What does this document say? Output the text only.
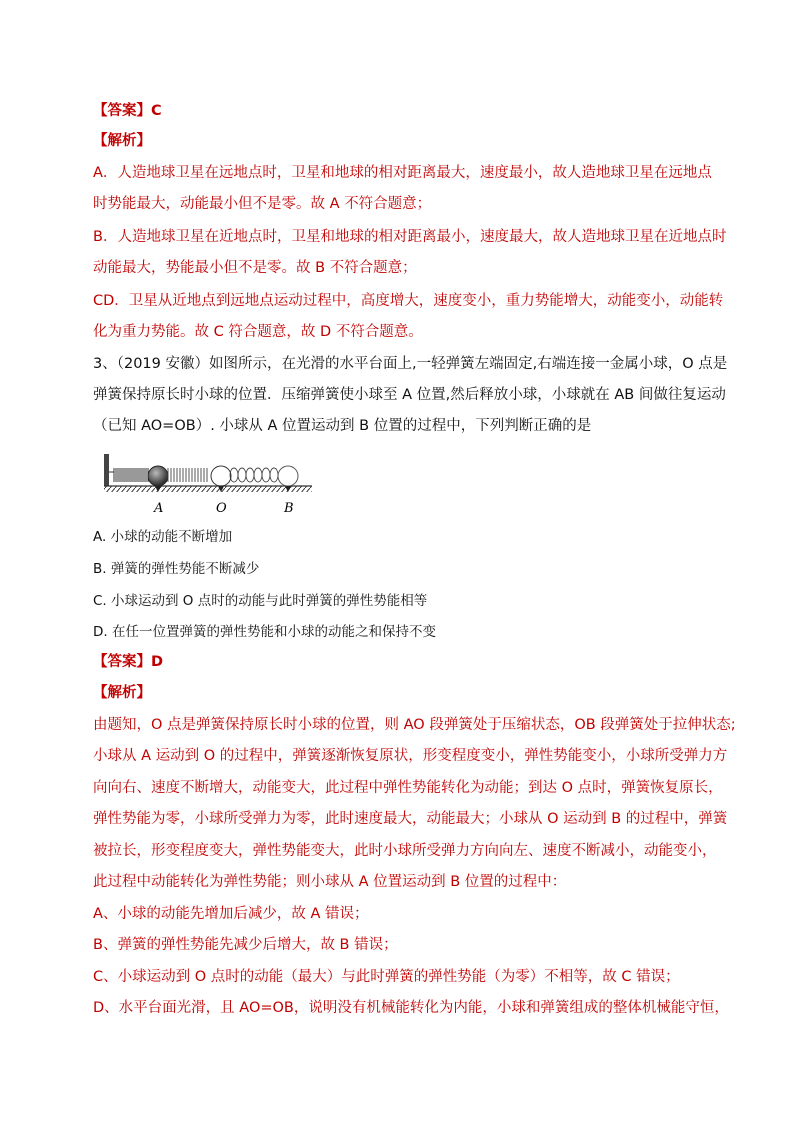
【答案】C
【解析】
A．人造地球卫星在远地点时，卫星和地球的相对距离最大，速度最小，故人造地球卫星在远地点
时势能最大，动能最小但不是零。故 A 不符合题意；
B．人造地球卫星在近地点时，卫星和地球的相对距离最小，速度最大，故人造地球卫星在近地点时
动能最大，势能最小但不是零。故 B 不符合题意；
CD．卫星从近地点到远地点运动过程中，高度增大，速度变小，重力势能增大，动能变小，动能转
化为重力势能。故 C 符合题意，故 D 不符合题意。
3、（2019 安徽）如图所示，在光滑的水平台面上,一轻弹簧左端固定,右端连接一金属小球，O 点是
弹簧保持原长时小球的位置．压缩弹簧使小球至 A 位置,然后释放小球，小球就在 AB 间做往复运动
（已知 AO=OB）. 小球从 A 位置运动到 B 位置的过程中，下列判断正确的是
A	O	B
A. 小球的动能不断增加
B. 弹簧的弹性势能不断减少
C. 小球运动到 O 点时的动能与此时弹簧的弹性势能相等
D. 在任一位置弹簧的弹性势能和小球的动能之和保持不变
【答案】D
【解析】
由题知，O 点是弹簧保持原长时小球的位置，则 AO 段弹簧处于压缩状态，OB 段弹簧处于拉伸状态;
小球从 A 运动到 O 的过程中，弹簧逐渐恢复原状，形变程度变小，弹性势能变小，小球所受弹力方
向向右、速度不断增大，动能变大，此过程中弹性势能转化为动能；到达 O 点时，弹簧恢复原长，
弹性势能为零，小球所受弹力为零，此时速度最大，动能最大；小球从 O 运动到 B 的过程中，弹簧
被拉长，形变程度变大，弹性势能变大，此时小球所受弹力方向向左、速度不断减小，动能变小，
此过程中动能转化为弹性势能；则小球从 A 位置运动到 B 位置的过程中：
A、小球的动能先增加后减少，故 A 错误；
B、弹簧的弹性势能先减少后增大，故 B 错误；
C、小球运动到 O 点时的动能（最大）与此时弹簧的弹性势能（为零）不相等，故 C 错误；
D、水平台面光滑，且 AO=OB，说明没有机械能转化为内能，小球和弹簧组成的整体机械能守恒，
